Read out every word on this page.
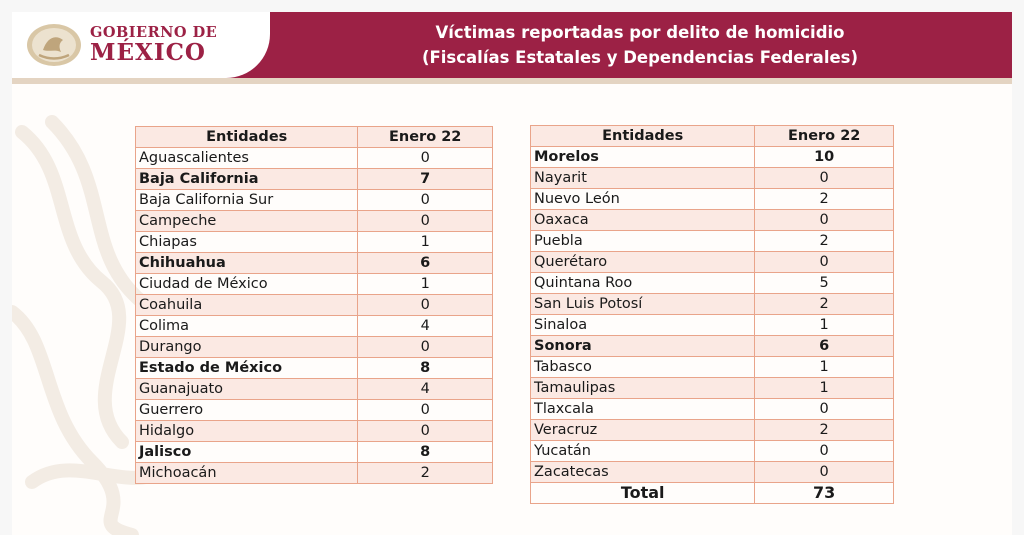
GOBIERNO DE
MÉXICO
Víctimas reportadas por delito de homicidio
(Fiscalías Estatales y Dependencias Federales)
Entidades	Enero 22
Aguascalientes	0
Baja California	7
Baja California Sur	0
Campeche	0
Chiapas	1
Chihuahua	6
Ciudad de México	1
Coahuila	0
Colima	4
Durango	0
Estado de México	8
Guanajuato	4
Guerrero	0
Hidalgo	0
Jalisco	8
Michoacán	2
Entidades	Enero 22
Morelos	10
Nayarit	0
Nuevo León	2
Oaxaca	0
Puebla	2
Querétaro	0
Quintana Roo	5
San Luis Potosí	2
Sinaloa	1
Sonora	6
Tabasco	1
Tamaulipas	1
Tlaxcala	0
Veracruz	2
Yucatán	0
Zacatecas	0
Total	73
